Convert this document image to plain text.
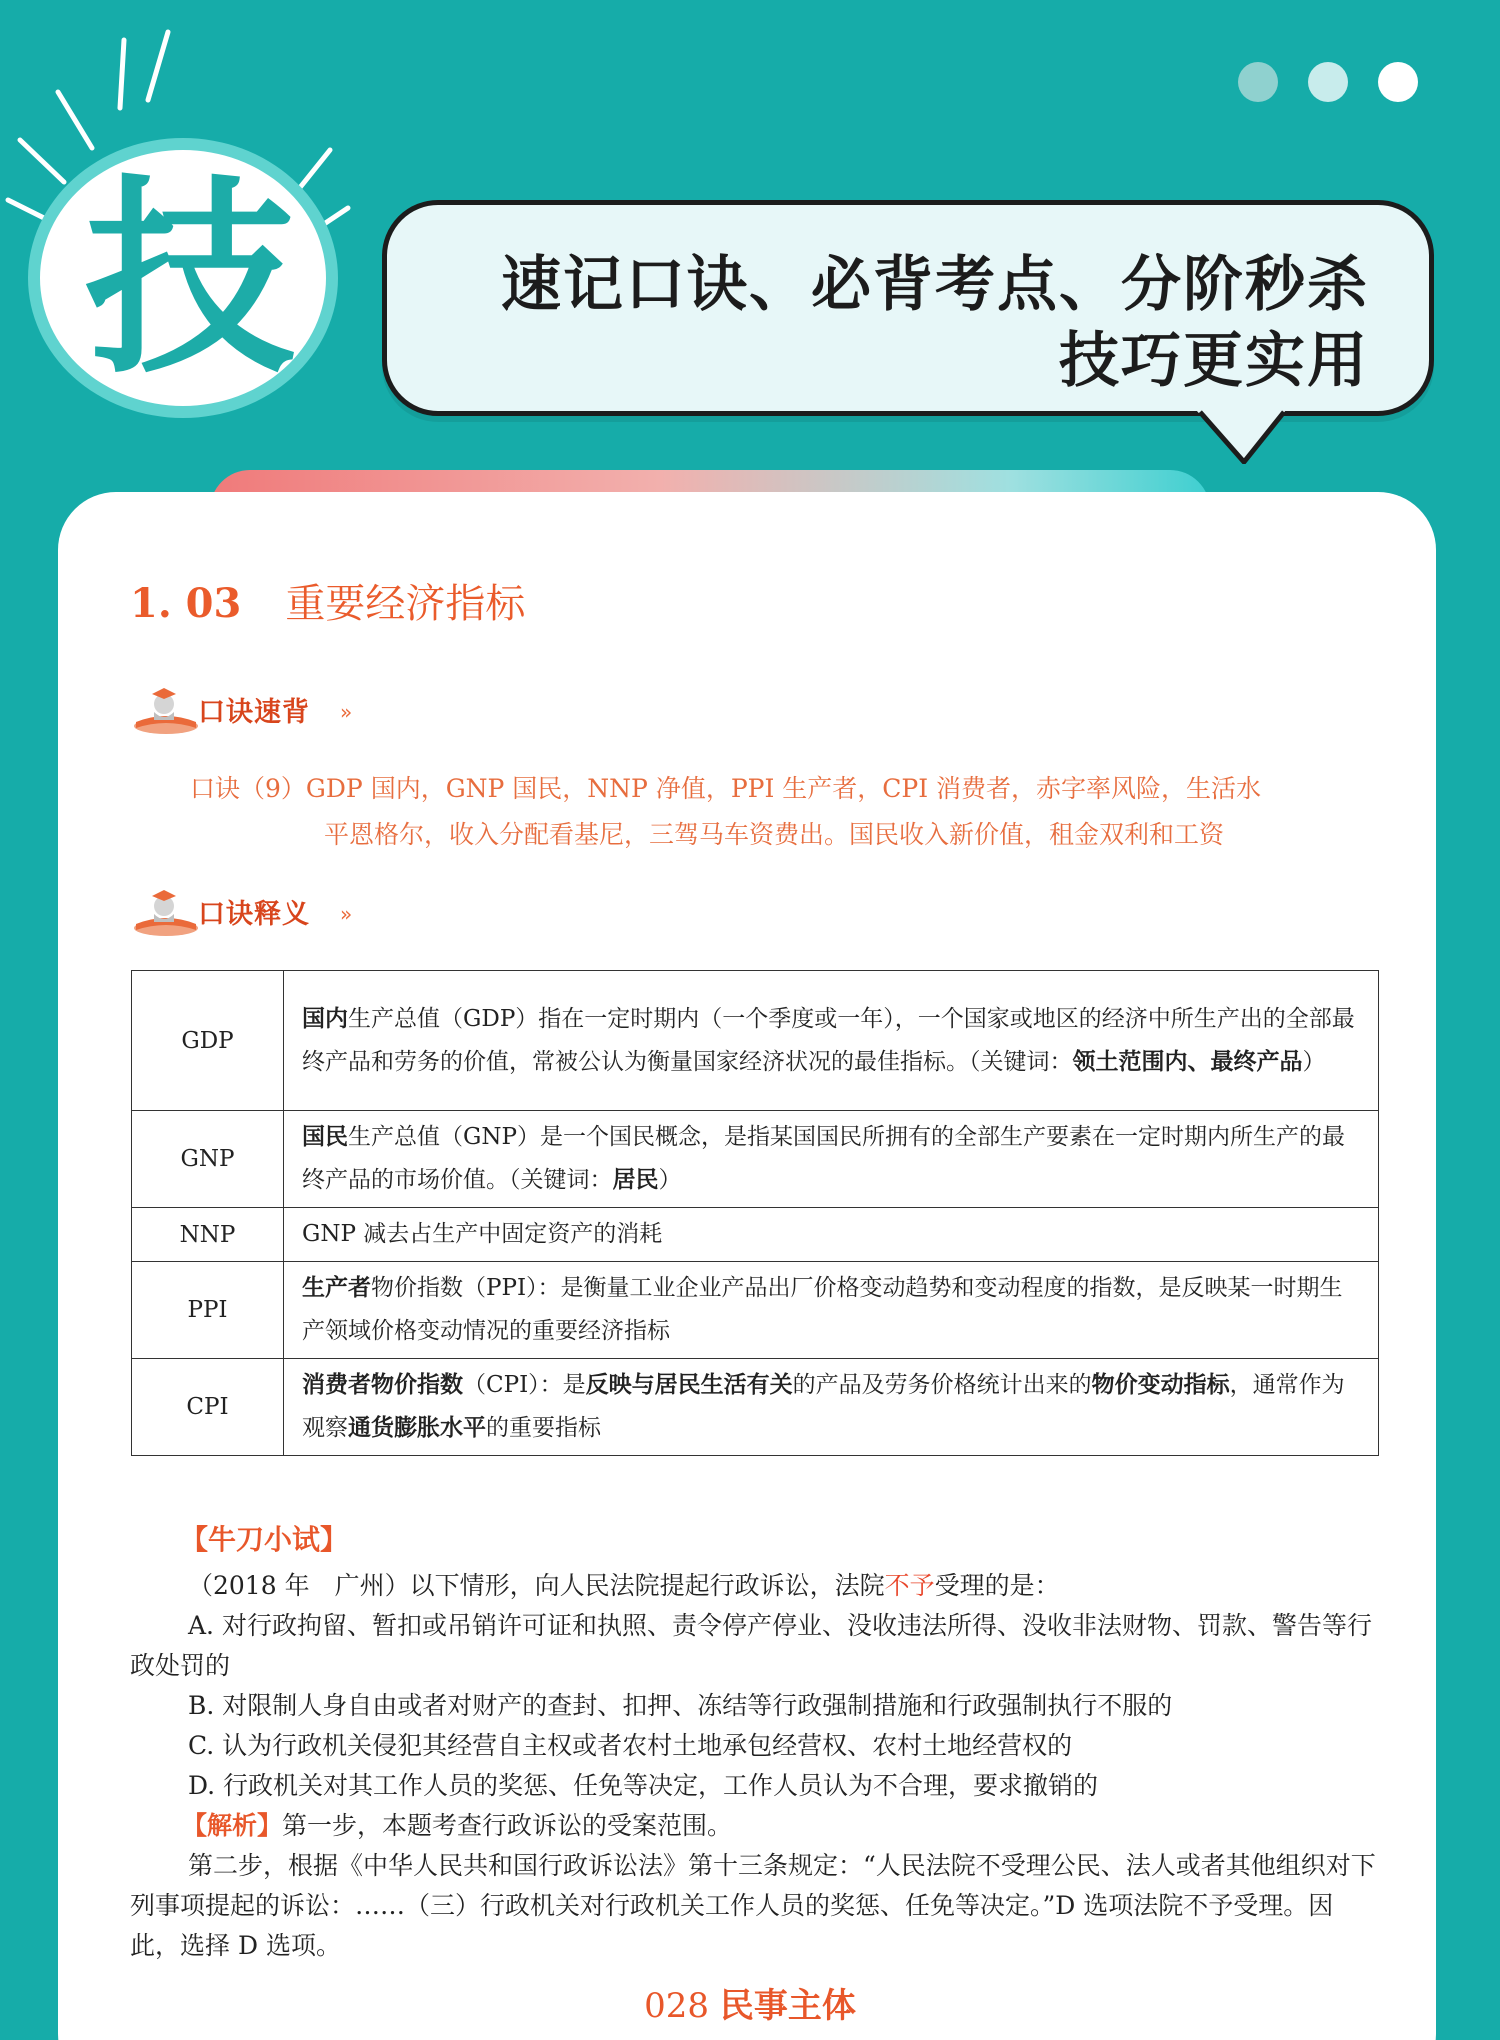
技	速记口诀、必背考点、分阶秒杀
技巧更实用
1. 03 重要经济指标
口诀速背 »
口诀（9）GDP 国内，GNP 国民，NNP 净值，PPI 生产者，CPI 消费者，赤字率风险，生活水
平恩格尔，收入分配看基尼，三驾马车资费出。国民收入新价值，租金双利和工资
口诀释义 »
GDP	国内生产总值（GDP）指在一定时期内（一个季度或一年），一个国家或地区的经济中所生产出的全部最终产品和劳务的价值，常被公认为衡量国家经济状况的最佳指标。（关键词：领土范围内、最终产品）
GNP	国民生产总值（GNP）是一个国民概念，是指某国国民所拥有的全部生产要素在一定时期内所生产的最终产品的市场价值。（关键词：居民）
NNP	GNP 减去占生产中固定资产的消耗
PPI	生产者物价指数（PPI）：是衡量工业企业产品出厂价格变动趋势和变动程度的指数，是反映某一时期生产领域价格变动情况的重要经济指标
CPI	消费者物价指数（CPI）：是反映与居民生活有关的产品及劳务价格统计出来的物价变动指标，通常作为观察通货膨胀水平的重要指标
【牛刀小试】

（2018 年　广州）以下情形，向人民法院提起行政诉讼，法院不予受理的是：

A. 对行政拘留、暂扣或吊销许可证和执照、责令停产停业、没收违法所得、没收非法财物、罚款、警告等行政处罚的

B. 对限制人身自由或者对财产的查封、扣押、冻结等行政强制措施和行政强制执行不服的

C. 认为行政机关侵犯其经营自主权或者农村土地承包经营权、农村土地经营权的

D. 行政机关对其工作人员的奖惩、任免等决定，工作人员认为不合理，要求撤销的

【解析】第一步，本题考查行政诉讼的受案范围。

第二步，根据《中华人民共和国行政诉讼法》第十三条规定：“人民法院不受理公民、法人或者其他组织对下列事项提起的诉讼：……（三）行政机关对行政机关工作人员的奖惩、任免等决定。”D 选项法院不予受理。因此，选择 D 选项。

028 民事主体
